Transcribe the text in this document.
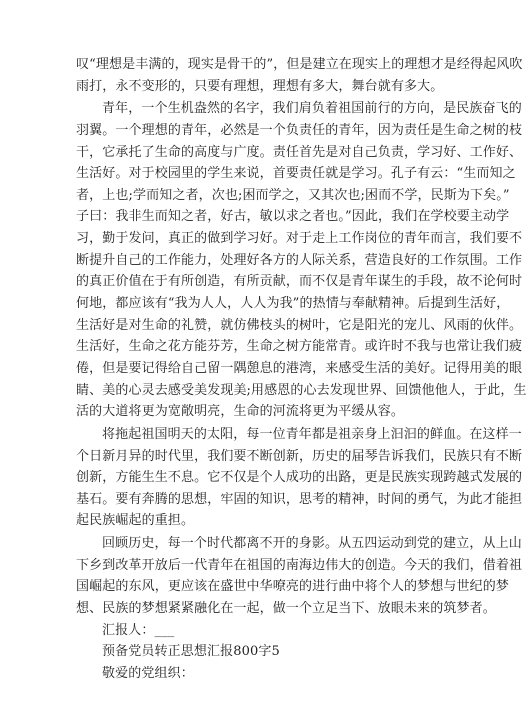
叹“理想是丰满的，现实是骨干的”，但是建立在现实上的理想才是经得起风吹
雨打，永不变形的，只要有理想，理想有多大，舞台就有多大。
青年，一个生机盎然的名字，我们肩负着祖国前行的方向，是民族奋飞的
羽翼。一个理想的青年，必然是一个负责任的青年，因为责任是生命之树的枝
干，它承托了生命的高度与广度。责任首先是对自己负责，学习好、工作好、
生活好。对于校园里的学生来说，首要责任就是学习。孔子有云：“生而知之
者，上也;学而知之者，次也;困而学之，又其次也;困而不学，民斯为下矣。”
子曰：我非生而知之者，好古，敏以求之者也。”因此，我们在学校要主动学
习，勤于发问，真正的做到学习好。对于走上工作岗位的青年而言，我们要不
断提升自己的工作能力，处理好各方的人际关系，营造良好的工作氛围。工作
的真正价值在于有所创造，有所贡献，而不仅是青年谋生的手段，故不论何时
何地，都应该有“我为人人，人人为我”的热情与奉献精神。后提到生活好，
生活好是对生命的礼赞，就仿佛枝头的树叶，它是阳光的宠儿、风雨的伙伴。
生活好，生命之花方能芬芳，生命之树方能常青。或许时不我与也常让我们疲
倦，但是要记得给自己留一隅憩息的港湾，来感受生活的美好。记得用美的眼
睛、美的心灵去感受美发现美;用感恩的心去发现世界、回馈他他人，于此，生
活的大道将更为宽敞明亮，生命的河流将更为平缓从容。
将拖起祖国明天的太阳，每一位青年都是祖亲身上汩汩的鲜血。在这样一
个日新月异的时代里，我们要不断创新，历史的届琴告诉我们，民族只有不断
创新，方能生生不息。它不仅是个人成功的出路，更是民族实现跨越式发展的
基石。要有奔腾的思想，牢固的知识，思考的精神，时间的勇气，为此才能担
起民族崛起的重担。
回顾历史，每一个时代都离不开的身影。从五四运动到党的建立，从上山
下乡到改革开放后一代青年在祖国的南海边伟大的创造。今天的我们，借着祖
国崛起的东风，更应该在盛世中华嘹亮的进行曲中将个人的梦想与世纪的梦
想、民族的梦想紧紧融化在一起，做一个立足当下、放眼未来的筑梦者。
汇报人：___
预备党员转正思想汇报800字5
敬爱的党组织：
